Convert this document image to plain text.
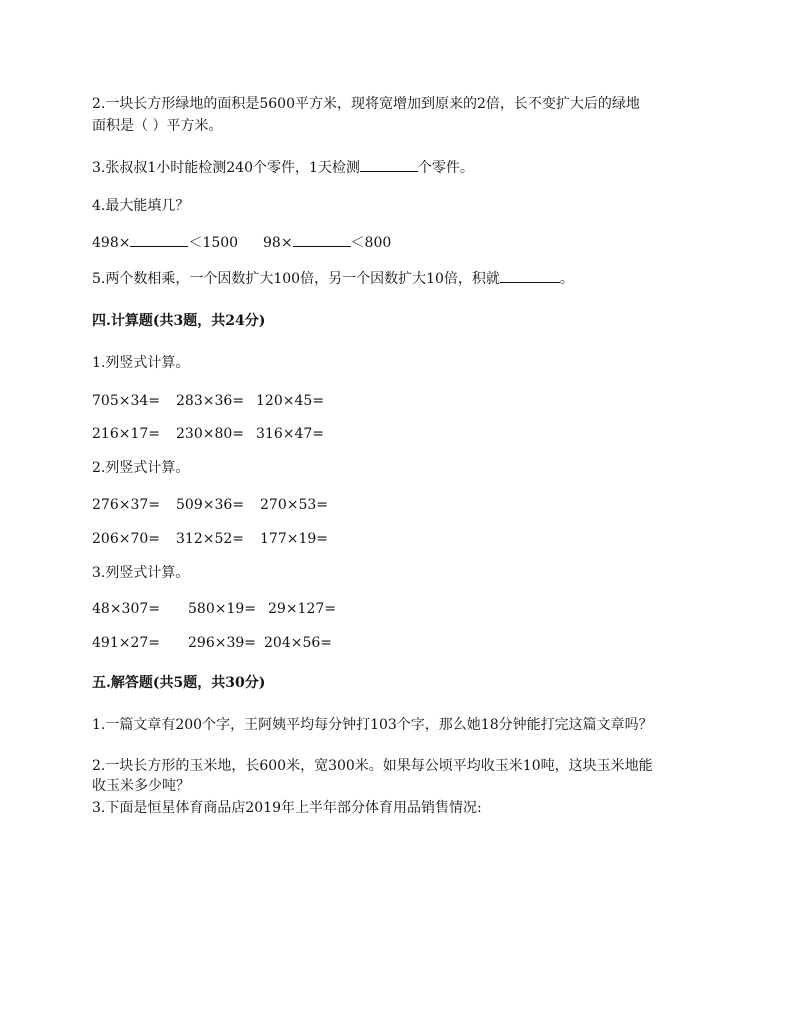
2.一块长方形绿地的面积是5600平方米，现将宽增加到原来的2倍，长不变扩大后的绿地
面积是（ ）平方米。
3.张叔叔1小时能检测240个零件，1天检测	个零件。
4.最大能填几？
498×	＜1500 98×	＜800
5.两个数相乘，一个因数扩大100倍，另一个因数扩大10倍，积就	。
四.计算题(共3题，共24分)
1.列竖式计算。
705×34= 283×36= 120×45=
216×17= 230×80= 316×47=
2.列竖式计算。
276×37= 509×36= 270×53=
206×70= 312×52= 177×19=
3.列竖式计算。
48×307= 580×19= 29×127=
491×27= 296×39= 204×56=
五.解答题(共5题，共30分)
1.一篇文章有200个字，王阿姨平均每分钟打103个字，那么她18分钟能打完这篇文章吗？
2.一块长方形的玉米地，长600米，宽300米。如果每公顷平均收玉米10吨，这块玉米地能
收玉米多少吨？
3.下面是恒星体育商品店2019年上半年部分体育用品销售情况:
